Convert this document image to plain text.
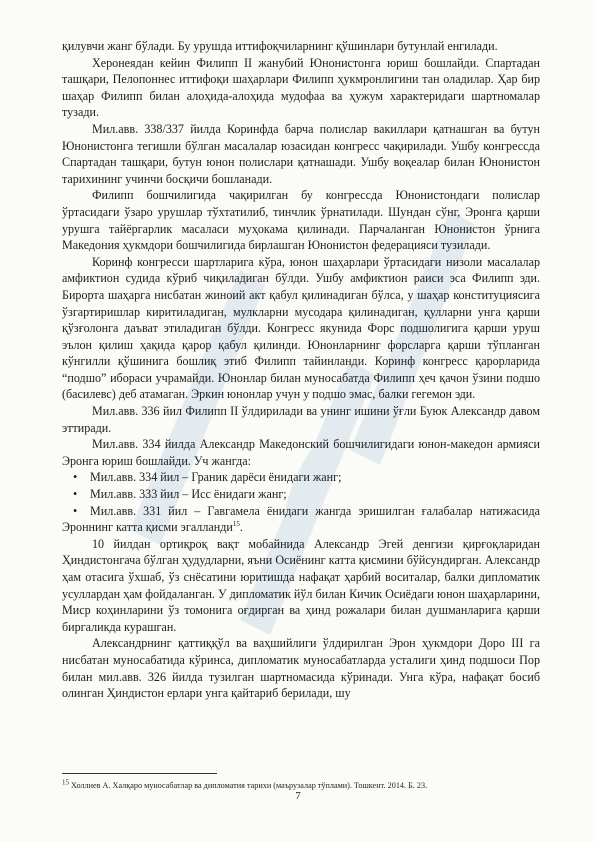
қилувчи жанг бўлади. Бу урушда иттифоқчиларнинг қўшинлари бутунлай енгилади.

Херонеядан кейин Филипп II жанубий Юнонистонга юриш бошлайди. Спартадан ташқари, Пелопоннес иттифоқи шаҳарлари Филипп ҳукмронлигини тан оладилар. Ҳар бир шаҳар Филипп билан алоҳида-алоҳида мудофаа ва ҳужум характеридаги шартномалар тузади.

Мил.авв. 338/337 йилда Коринфда барча полислар вакиллари қатнашган ва бутун Юнонистонга тегишли бўлган масалалар юзасидан конгресс чақирилади. Ушбу конгрессда Спартадан ташқари, бутун юнон полислари қатнашади. Ушбу воқеалар билан Юнонистон тарихининг учинчи босқичи бошланади.

Филипп бошчилигида чақирилган бу конгрессда Юнонистондаги полислар ўртасидаги ўзаро урушлар тўхтатилиб, тинчлик ўрнатилади. Шундан сўнг, Эронга қарши урушга тайёргарлик масаласи муҳокама қилинади. Парчаланган Юнонистон ўрнига Македония ҳукмдори бошчилигида бирлашган Юнонистон федерацияси тузилади.

Коринф конгресси шартларига кўра, юнон шаҳарлари ўртасидаги низоли масалалар амфиктион судида кўриб чиқиладиган бўлди. Ушбу амфиктион раиси эса Филипп эди. Бирорта шаҳарга нисбатан жиноий акт қабул қилинадиган бўлса, у шаҳар конституциясига ўзгартиришлар киритиладиган, мулкларни мусодара қилинадиган, қулларни унга қарши қўзғолонга даъват этиладиган бўлди. Конгресс якунида Форс подшолигига қарши уруш эълон қилиш ҳақида қарор қабул қилинди. Юнонларнинг форсларга қарши тўпланган кўнгилли қўшинига бошлиқ этиб Филипп тайинланди. Коринф конгресс қарорларида “подшо” ибораси учрамайди. Юнонлар билан муносабатда Филипп ҳеч қачон ўзини подшо (басилевс) деб атамаган. Эркин юнонлар учун у подшо эмас, балки гегемон эди.

Мил.авв. 336 йил Филипп II ўлдирилади ва унинг ишини ўғли Буюк Александр давом эттиради.

Мил.авв. 334 йилда Александр Македонский бошчилигидаги юнон-македон армияси Эронга юриш бошлайди. Уч жангда:

• Мил.авв. 334 йил – Граник дарёси ёнидаги жанг;
• Мил.авв. 333 йил – Исс ёнидаги жанг;
• Мил.авв. 331 йил – Гавгамела ёнидаги жангда эришилган ғалабалар натижасида Эроннинг катта қисми эгалланди$^{15}$.

10 йилдан ортиқроқ вақт мобайнида Александр Эгей денгизи қирғоқларидан Ҳиндистонгача бўлган ҳудудларни, яъни Осиёнинг катта қисмини бўйсундирган. Александр ҳам отасига ўхшаб, ўз снёсатини юритишда нафақат ҳарбий воситалар, балки дипломатик усуллардан ҳам фойдаланган. У дипломатик йўл билан Кичик Осиёдаги юнон шаҳарларини, Миср коҳинларини ўз томонига оғдирган ва ҳинд рожалари билан душманларига қарши биргаликда курашган.

Александрнинг қаттиққўл ва ваҳшийлиги ўлдирилган Эрон ҳукмдори Доро III га нисбатан муносабатида кўринса, дипломатик муносабатларда усталиги ҳинд подшоси Пор билан мил.авв. 326 йилда тузилган шартномасида кўринади. Унга кўра, нафақат босиб олинган Ҳиндистон ерлари унга қайтариб берилади, шу

$^{15}$ Холлиев А. Халқаро муносабатлар ва дипломатия тарихи (маърузалар тўплами). Тошкент. 2014. Б. 23.
7
